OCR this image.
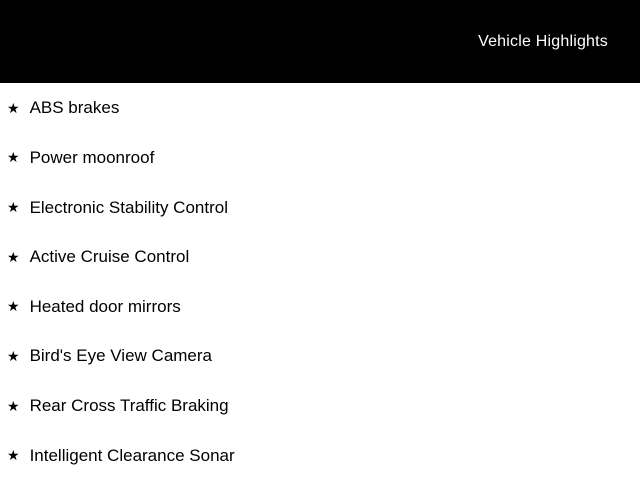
Vehicle Highlights
★ ABS brakes
★ Power moonroof
★ Electronic Stability Control
★ Active Cruise Control
★ Heated door mirrors
★ Bird's Eye View Camera
★ Rear Cross Traffic Braking
★ Intelligent Clearance Sonar
